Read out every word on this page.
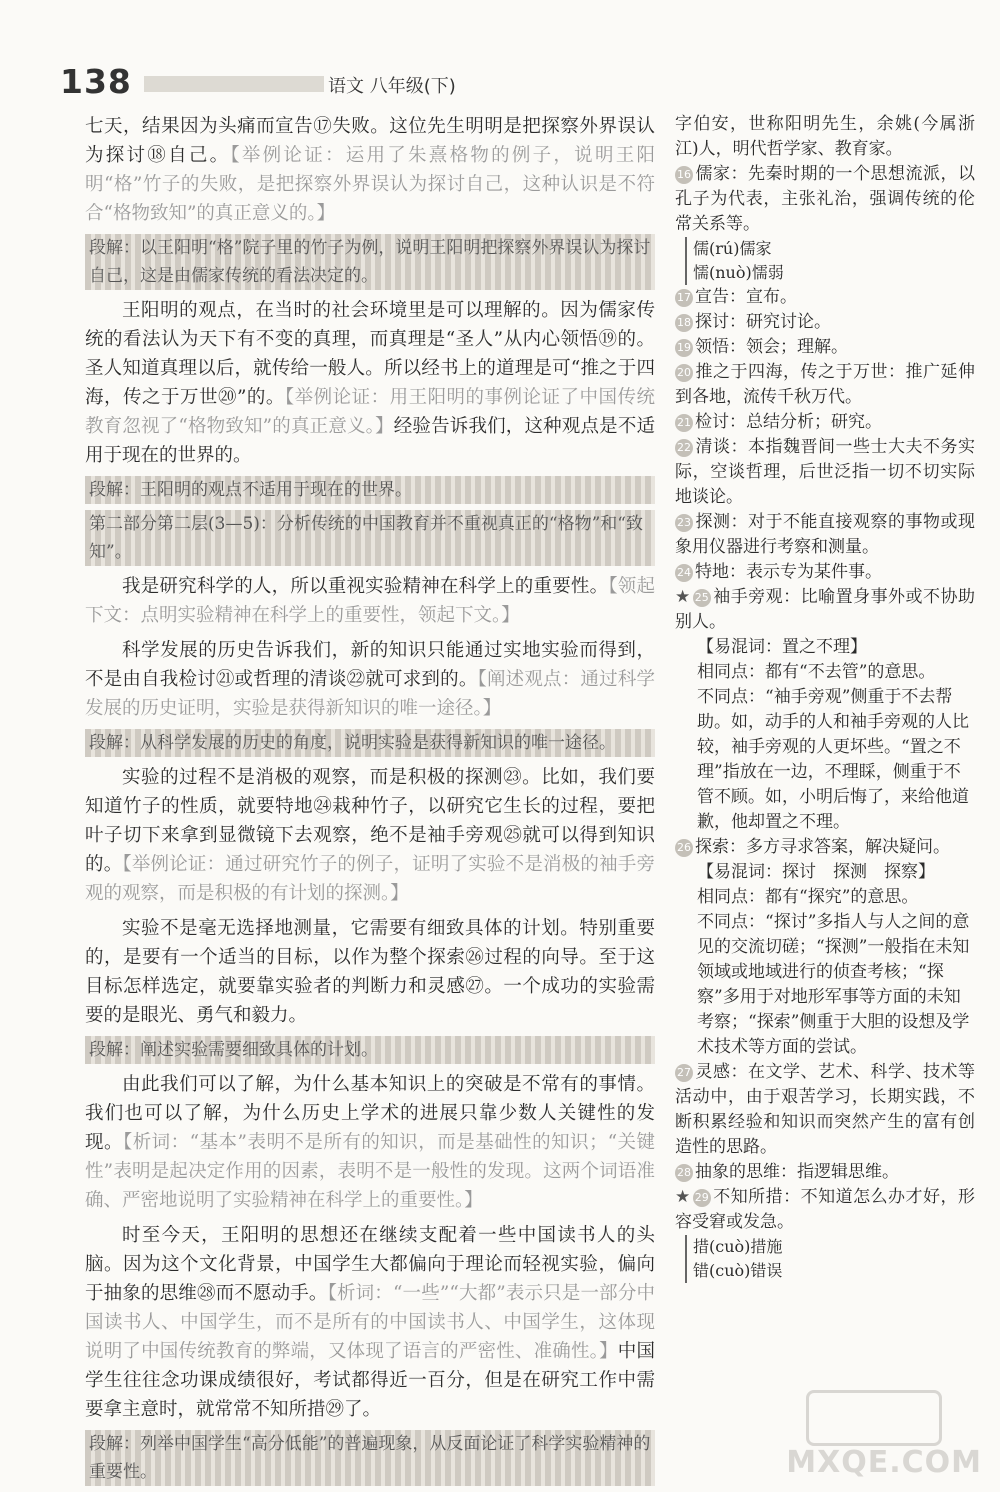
138	语文 八年级(下)

七天，结果因为头痛而宣告⑰失败。这位先生明明是把探察外界误认为探讨⑱自己。【举例论证：运用了朱熹格物的例子，说明王阳明“格”竹子的失败，是把探察外界误认为探讨自己，这种认识是不符合“格物致知”的真正意义的。】

段解：以王阳明“格”院子里的竹子为例，说明王阳明把探察外界误认为探讨自己，这是由儒家传统的看法决定的。

王阳明的观点，在当时的社会环境里是可以理解的。因为儒家传统的看法认为天下有不变的真理，而真理是“圣人”从内心领悟⑲的。圣人知道真理以后，就传给一般人。所以经书上的道理是可“推之于四海，传之于万世⑳”的。【举例论证：用王阳明的事例论证了中国传统教育忽视了“格物致知”的真正意义。】经验告诉我们，这种观点是不适用于现在的世界的。

段解：王阳明的观点不适用于现在的世界。
第二部分第二层(3—5)：分析传统的中国教育并不重视真正的“格物”和“致知”。

我是研究科学的人，所以重视实验精神在科学上的重要性。【领起下文：点明实验精神在科学上的重要性，领起下文。】

科学发展的历史告诉我们，新的知识只能通过实地实验而得到，不是由自我检讨㉑或哲理的清谈㉒就可求到的。【阐述观点：通过科学发展的历史证明，实验是获得新知识的唯一途径。】

段解：从科学发展的历史的角度，说明实验是获得新知识的唯一途径。

实验的过程不是消极的观察，而是积极的探测㉓。比如，我们要知道竹子的性质，就要特地㉔栽种竹子，以研究它生长的过程，要把叶子切下来拿到显微镜下去观察，绝不是袖手旁观㉕就可以得到知识的。【举例论证：通过研究竹子的例子，证明了实验不是消极的袖手旁观的观察，而是积极的有计划的探测。】

实验不是毫无选择地测量，它需要有细致具体的计划。特别重要的，是要有一个适当的目标，以作为整个探索㉖过程的向导。至于这目标怎样选定，就要靠实验者的判断力和灵感㉗。一个成功的实验需要的是眼光、勇气和毅力。

段解：阐述实验需要细致具体的计划。

由此我们可以了解，为什么基本知识上的突破是不常有的事情。我们也可以了解，为什么历史上学术的进展只靠少数人关键性的发现。【析词：“基本”表明不是所有的知识，而是基础性的知识；“关键性”表明是起决定作用的因素，表明不是一般性的发现。这两个词语准确、严密地说明了实验精神在科学上的重要性。】

时至今天，王阳明的思想还在继续支配着一些中国读书人的头脑。因为这个文化背景，中国学生大都偏向于理论而轻视实验，偏向于抽象的思维㉘而不愿动手。【析词：“一些”“大都”表示只是一部分中国读书人、中国学生，而不是所有的中国读书人、中国学生，这体现说明了中国传统教育的弊端，又体现了语言的严密性、准确性。】中国学生往往念功课成绩很好，考试都得近一百分，但是在研究工作中需要拿主意时，就常常不知所措㉙了。

段解：列举中国学生“高分低能”的普遍现象，从反面论证了科学实验精神的重要性。

字伯安，世称阳明先生，余姚(今属浙江)人，明代哲学家、教育家。

16 儒家：先秦时期的一个思想流派，以孔子为代表，主张礼治，强调传统的伦常关系等。

儒(rú)儒家
懦(nuò)懦弱

17 宣告：宣布。

18 探讨：研究讨论。

19 领悟：领会；理解。

20 推之于四海，传之于万世：推广延伸到各地，流传千秋万代。

21 检讨：总结分析；研究。

22 清谈：本指魏晋间一些士大夫不务实际，空谈哲理，后世泛指一切不切实际地谈论。

23 探测：对于不能直接观察的事物或现象用仪器进行考察和测量。

24 特地：表示专为某件事。

★ 25 袖手旁观：比喻置身事外或不协助别人。

【易混词：置之不理】
相同点：都有“不去管”的意思。
不同点：“袖手旁观”侧重于不去帮助。如，动手的人和袖手旁观的人比较，袖手旁观的人更坏些。“置之不理”指放在一边，不理睬，侧重于不管不顾。如，小明后悔了，来给他道歉，他却置之不理。

26 探索：多方寻求答案，解决疑问。

【易混词：探讨　探测　探察】
相同点：都有“探究”的意思。
不同点：“探讨”多指人与人之间的意见的交流切磋；“探测”一般指在未知领域或地域进行的侦查考核；“探察”多用于对地形军事等方面的未知考察；“探索”侧重于大胆的设想及学术技术等方面的尝试。

27 灵感：在文学、艺术、科学、技术等活动中，由于艰苦学习，长期实践，不断积累经验和知识而突然产生的富有创造性的思路。

28 抽象的思维：指逻辑思维。

★ 29 不知所措：不知道怎么办才好，形容受窘或发急。

措(cuò)措施
错(cuò)错误
MXQE.COM
